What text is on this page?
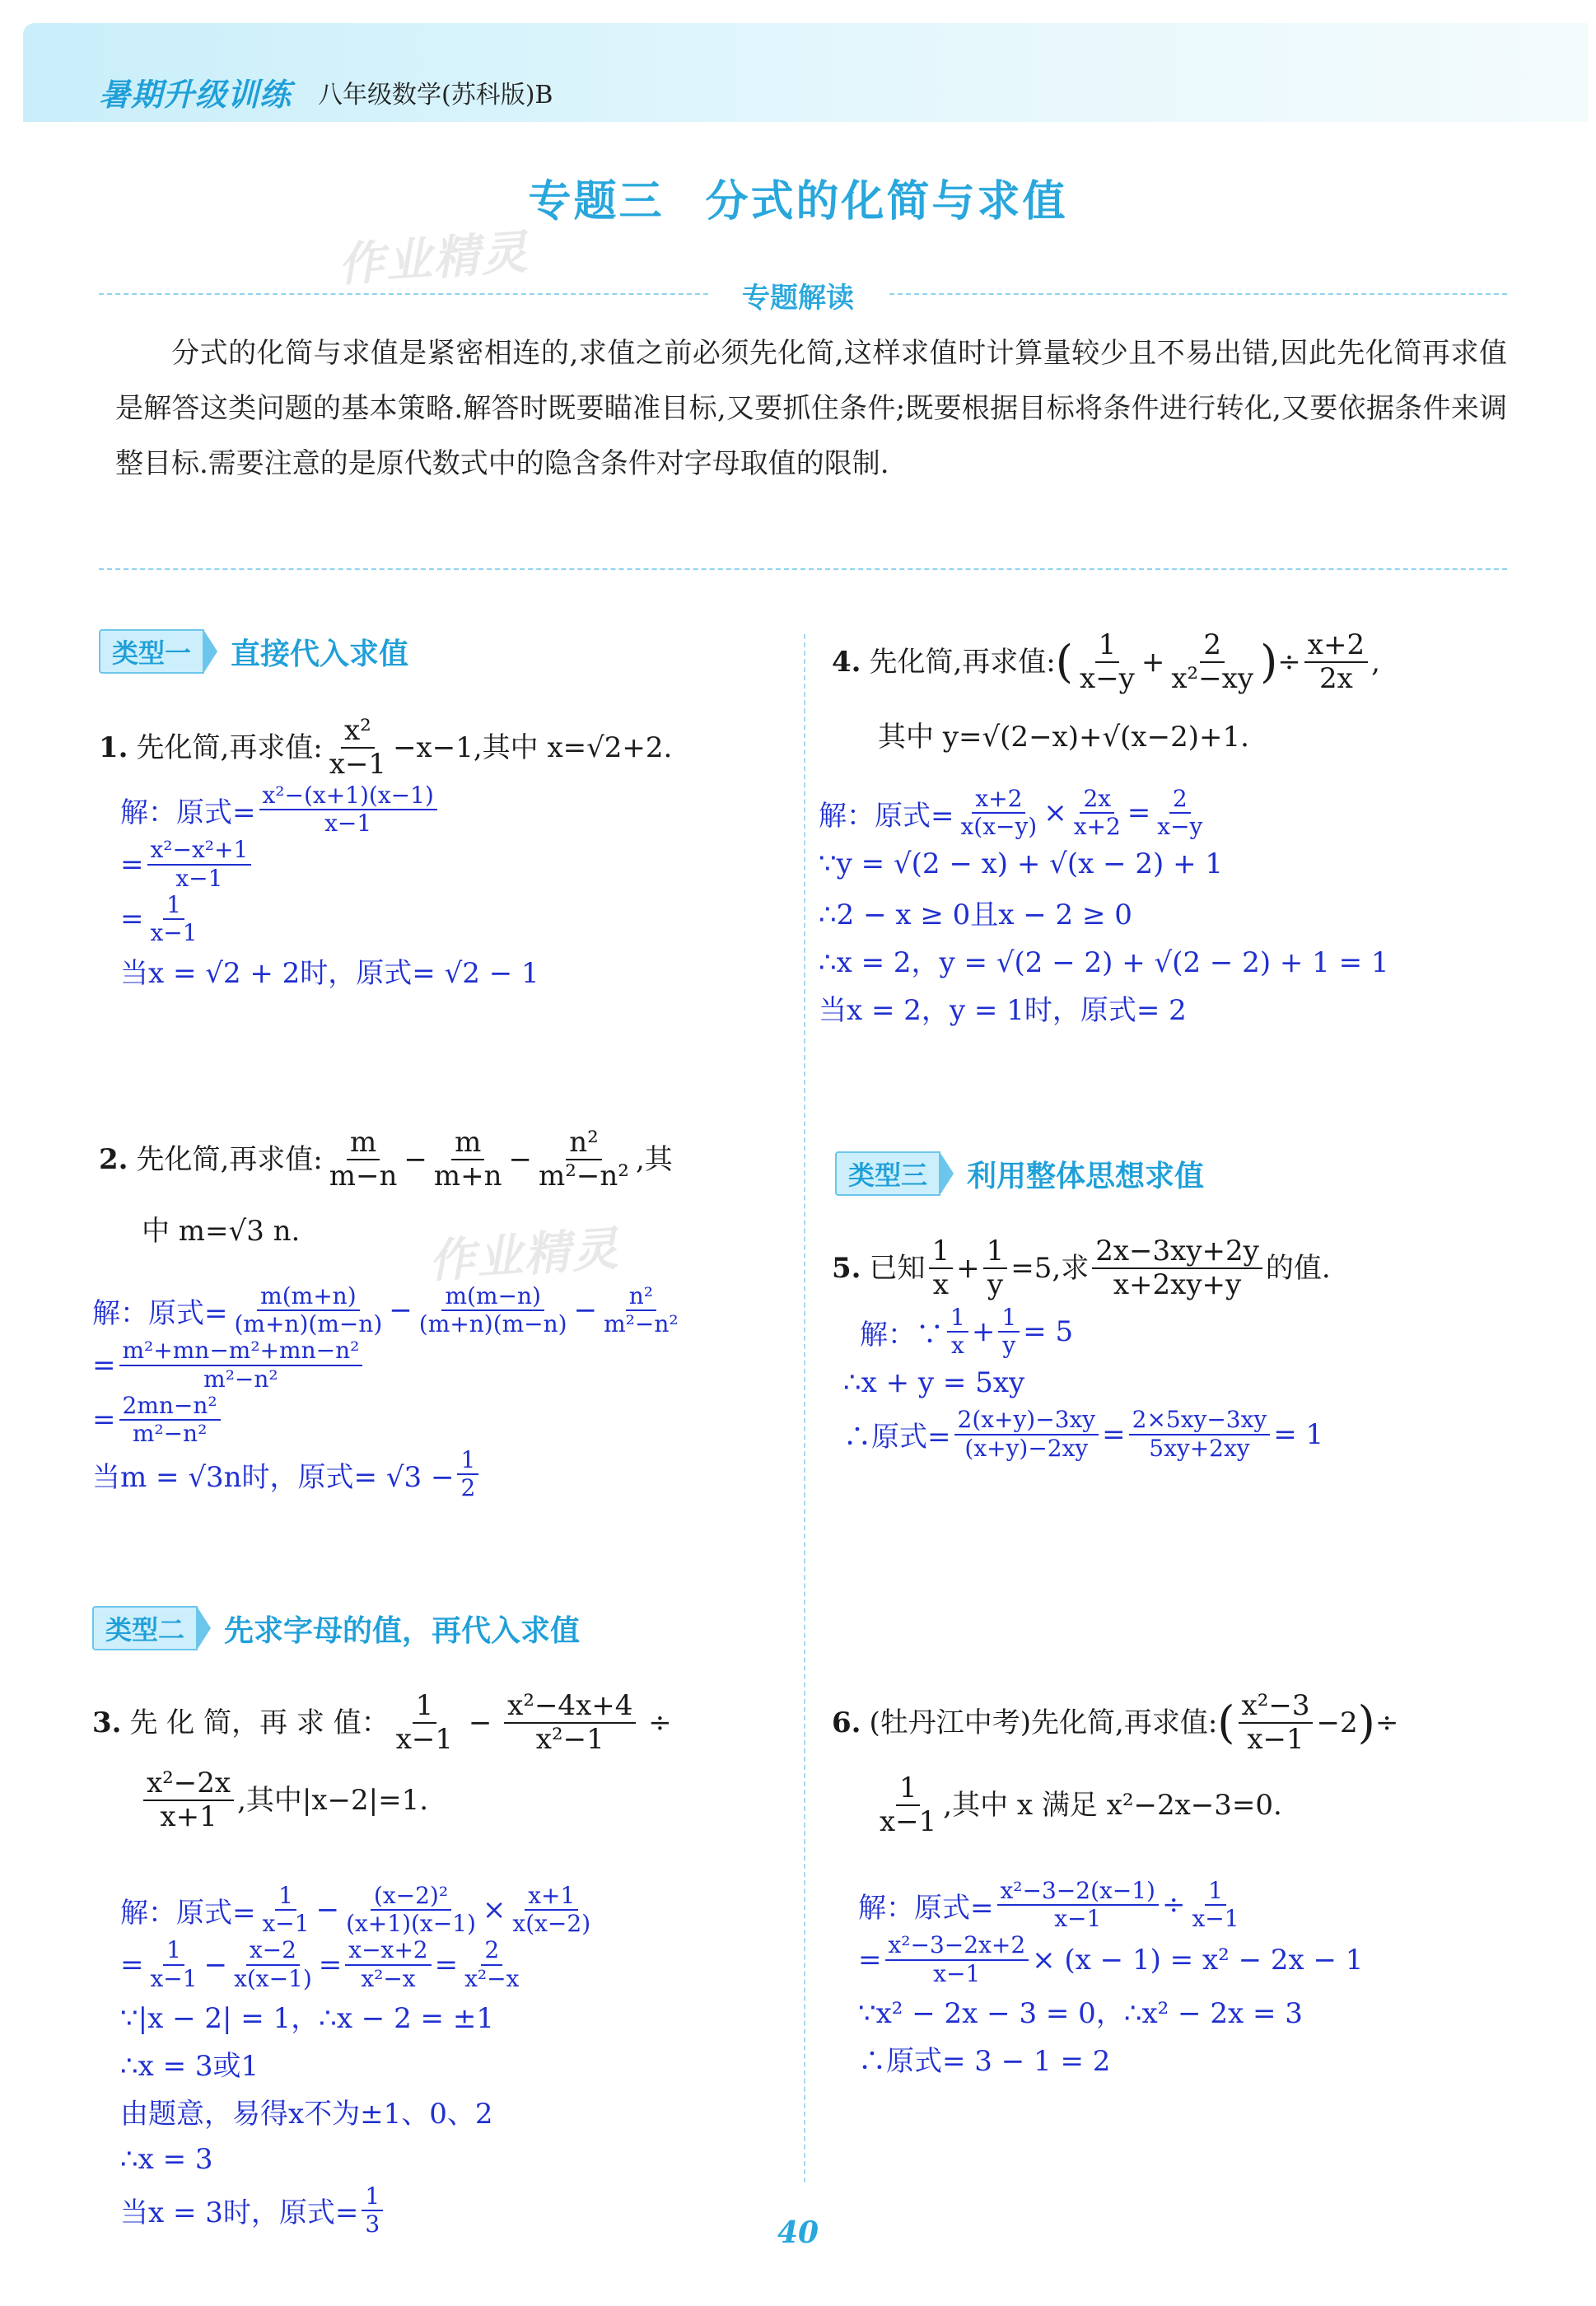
暑期升级训练 八年级数学(苏科版)B
专题三 分式的化简与求值
作业精灵
专题解读
分式的化简与求值是紧密相连的,求值之前必须先化简,这样求值时计算量较少且不易出错,因此先化简再求值是解答这类问题的基本策略.解答时既要瞄准目标,又要抓住条件;既要根据目标将条件进行转化,又要依据条件来调整目标.需要注意的是原代数式中的隐含条件对字母取值的限制.
类型一	直接代入求值
1. 先化简,再求值: $\frac{\text{x²}}{x-1} -x-1$,其中 x=√2+2.
解：原式= $\frac{\text{x²−(x+1)(x−1)}}{x-1}$
= $\frac{\text{x²−x²+1}}{x-1}$
= $\frac{1}{x-1}$
当x = √2 + 2时，原式= √2 − 1
2. 先化简,再求值: $\frac{m}{m-n} - \frac{m}{m+n} - \frac{\text{n²}}{\text{m²−n²}}$ ,其
中 m=√3 n.	作业精灵
解：原式= $\frac{m(m+n)}{(m+n)(m-n)} - \frac{m(m-n)}{(m+n)(m-n)} - \frac{\text{n²}}{\text{m²−n²}}$
= $\frac{\text{m²+mn−m²+mn−n²}}{\text{m²−n²}}$
= $\frac{\text{2mn−n²}}{\text{m²−n²}}$
当m = √3n时，原式= $√3 - \frac{1}{2}$
类型二	先求字母的值，再代入求值
3. 先 化 简，再 求 值： $\frac{1}{x-1} - \frac{\text{x²−4x+4}}{\text{x²−1}}$ ÷
$\frac{\text{x²−2x}}{x+1}$ ,其中|x−2|=1.
解：原式= $\frac{1}{x-1} - \frac{\text{(x−2)²}}{(x+1)(x-1)} \times \frac{x+1}{x(x-2)}$
= $\frac{1}{x-1} - \frac{x-2}{x(x-1)} = \frac{x-x+2}{\text{x²−x}} = \frac{2}{\text{x²−x}}$
∵|x − 2| = 1，∴x − 2 = ±1
∴x = 3或1
由题意，易得x不为±1、0、2
∴x = 3
当x = 3时，原式= $\frac{1}{3}$
4. 先化简,再求值: ( $\frac{1}{x-y} + \frac{2}{\text{x²−xy}}$ ) ÷ $\frac{x+2}{2x}$ ,
其中 y=√(2−x)+√(x−2)+1.
解：原式= $\frac{x+2}{x(x-y)} \times \frac{2x}{x+2} = \frac{2}{x-y}$
∵y = √(2 − x) + √(x − 2) + 1
∴2 − x ≥ 0且x − 2 ≥ 0
∴x = 2，y = √(2 − 2) + √(2 − 2) + 1 = 1
当x = 2，y = 1时，原式= 2
类型三	利用整体思想求值
5. 已知 $\frac{1}{x} + \frac{1}{y} =5$,求 $\frac{2x-3xy+2y}{x+2xy+y}$ 的值.
解：∵ $\frac{1}{x} + \frac{1}{y} = 5$
∴x + y = 5xy
∴原式= $\frac{2(x+y)-3xy}{(x+y)-2xy} = \frac{2\times 5xy-3xy}{5xy+2xy} = 1$
6. (牡丹江中考)先化简,再求值: ( $\frac{\text{x²−3}}{x-1} -2$ ) ÷
$\frac{1}{x-1}$ ,其中 x 满足 x²−2x−3=0.
解：原式= $\frac{\text{x²−3−2(x−1)}}{x-1} \div \frac{1}{x-1}$
= $\frac{\text{x²−3−2x+2}}{x-1} \times (x - 1) = x^2 - 2x - 1$
∵x² − 2x − 3 = 0，∴x² − 2x = 3
∴原式= 3 − 1 = 2
40
